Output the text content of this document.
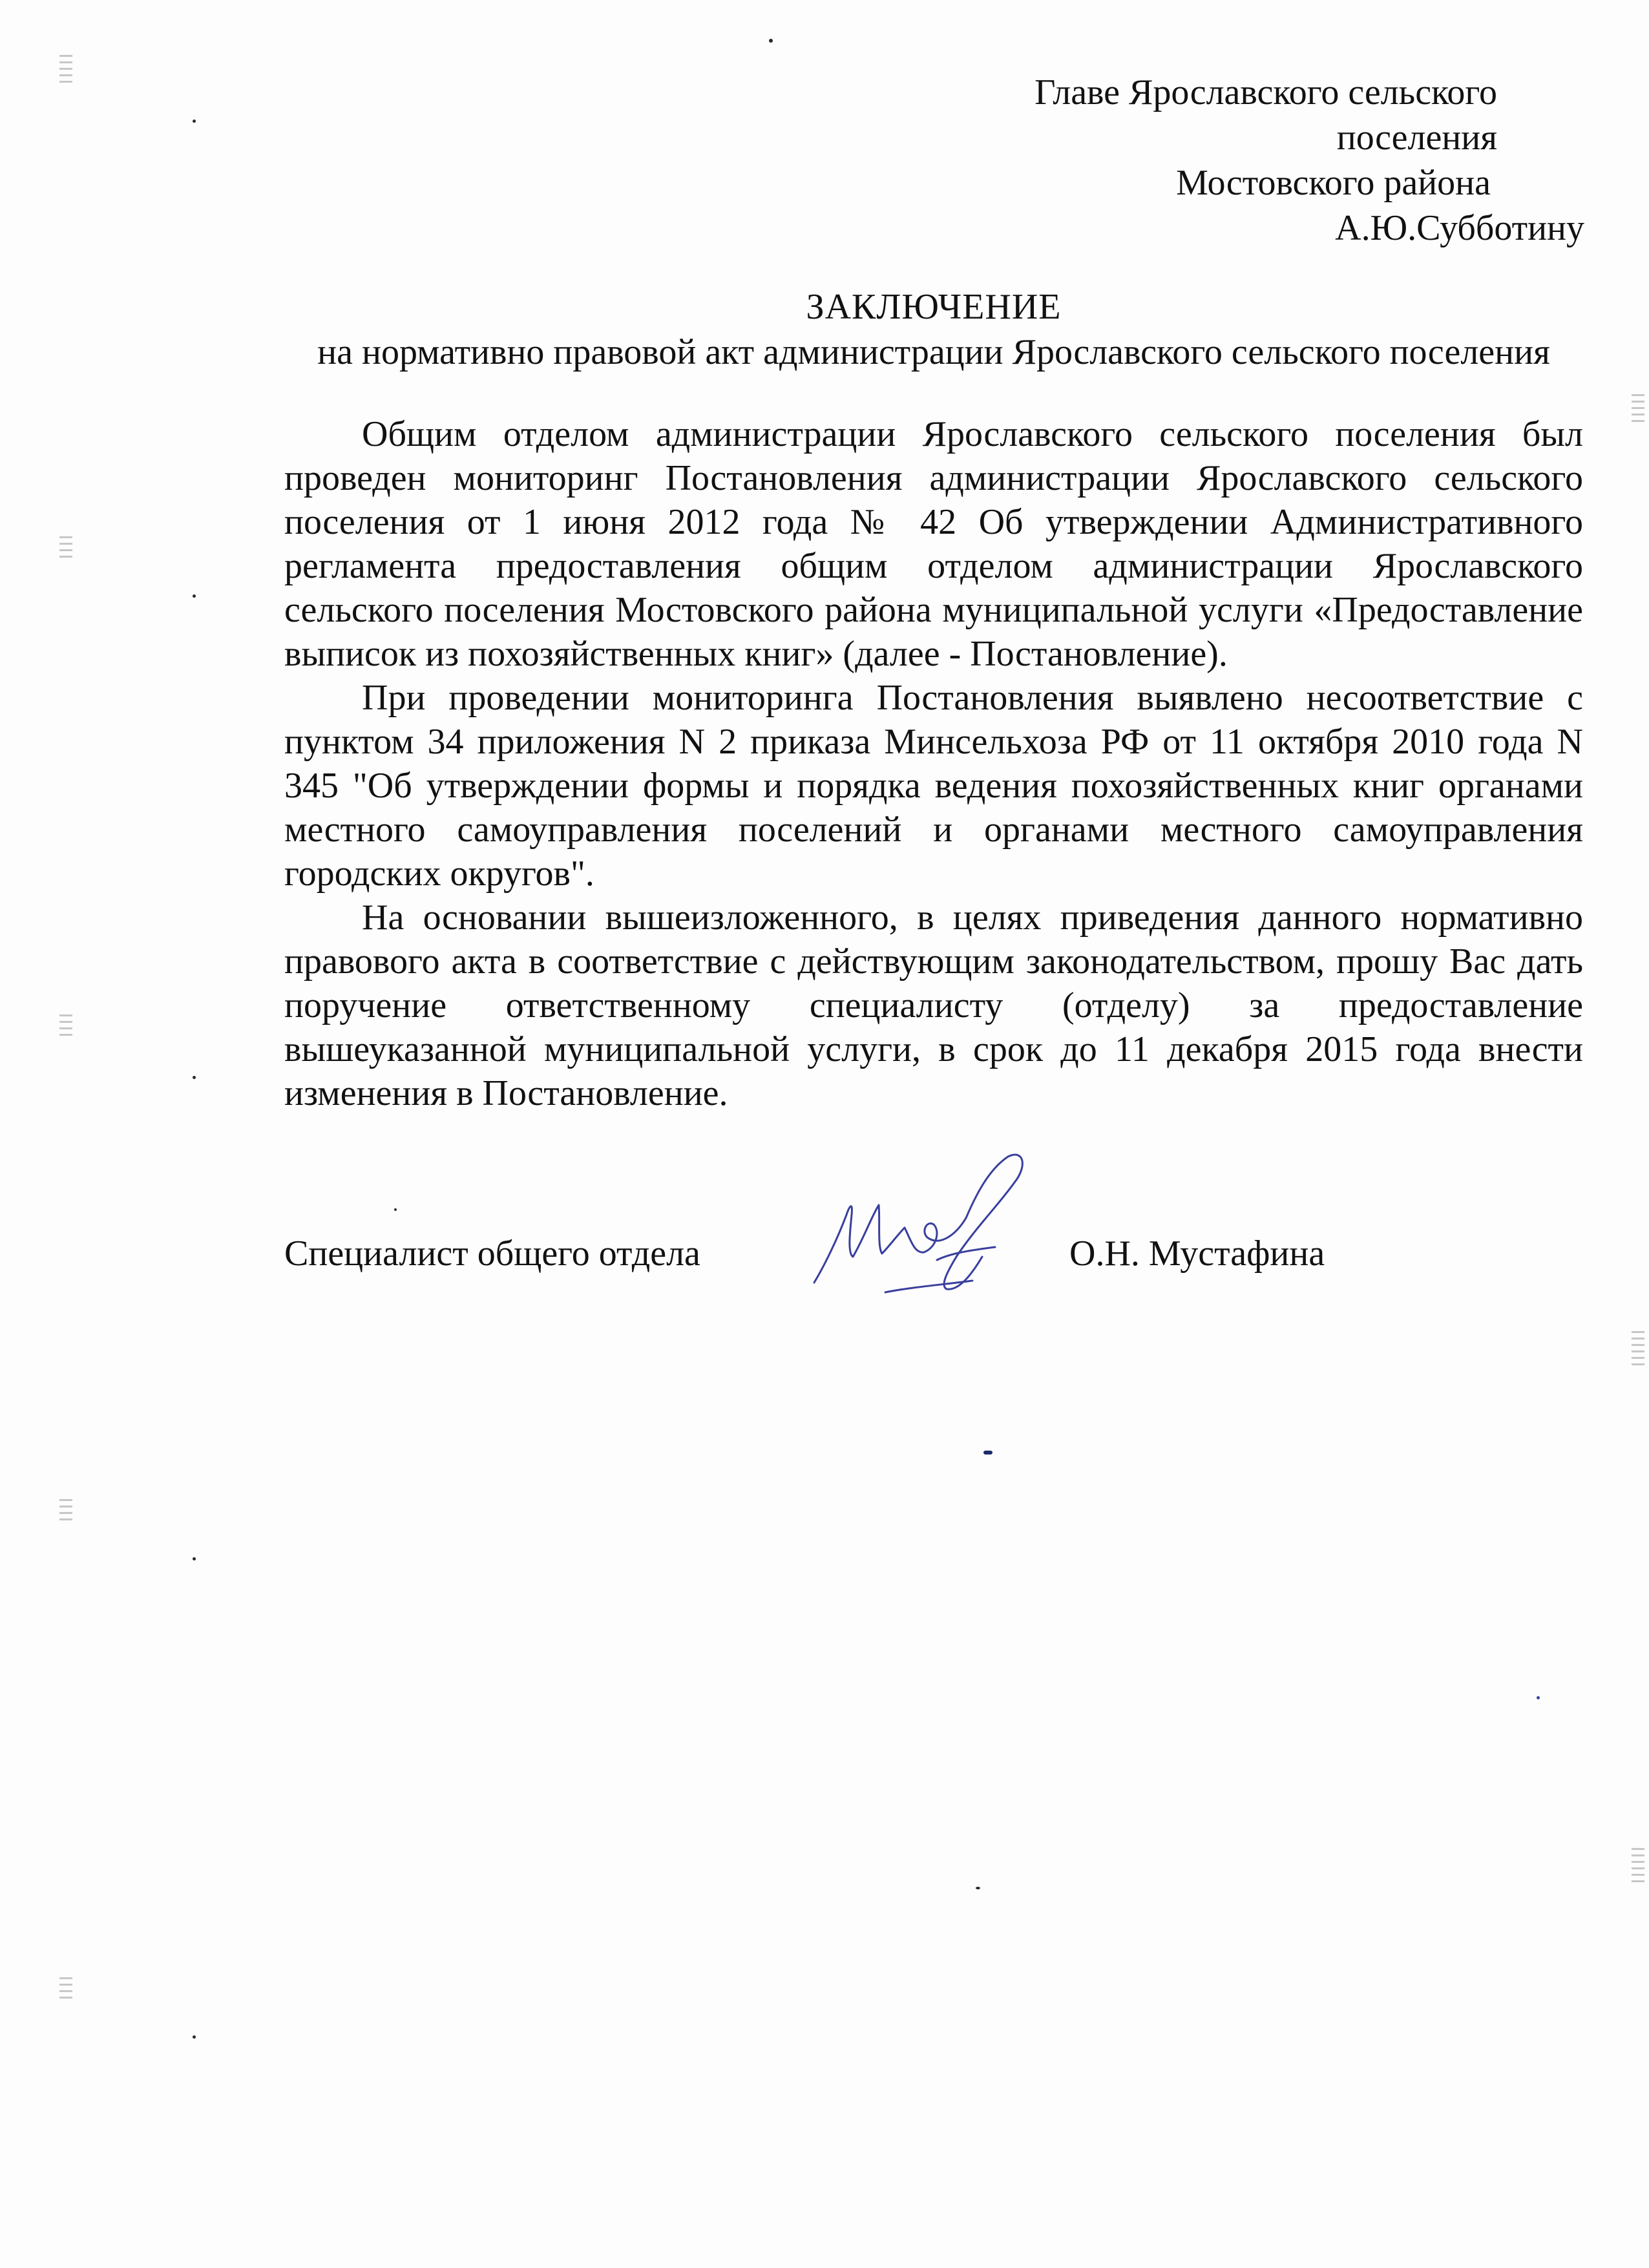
Главе Ярославского сельского
поселения
Мостовского района
А.Ю.Субботину
ЗАКЛЮЧЕНИЕ
на нормативно правовой акт администрации Ярославского сельского поселения

Общим отделом администрации Ярославского сельского поселения был проведен мониторинг Постановления администрации Ярославского сельского поселения от 1 июня 2012 года № 42 Об утверждении Административного регламента предоставления общим отделом администрации Ярославского сельского поселения Мостовского района муниципальной услуги «Предоставление выписок из похозяйственных книг» (далее - Постановление).

При проведении мониторинга Постановления выявлено несоответствие с пунктом 34 приложения N 2 приказа Минсельхоза РФ от 11 октября 2010 года N 345 "Об утверждении формы и порядка ведения похозяйственных книг органами местного самоуправления поселений и органами местного самоуправления городских округов".

На основании вышеизложенного, в целях приведения данного нормативно правового акта в соответствие с действующим законодательством, прошу Вас дать поручение ответственному специалисту (отделу) за предоставление вышеуказанной муниципальной услуги, в срок до 11 декабря 2015 года внести изменения в Постановление.

Специалист общего отдела	О.Н. Мустафина
